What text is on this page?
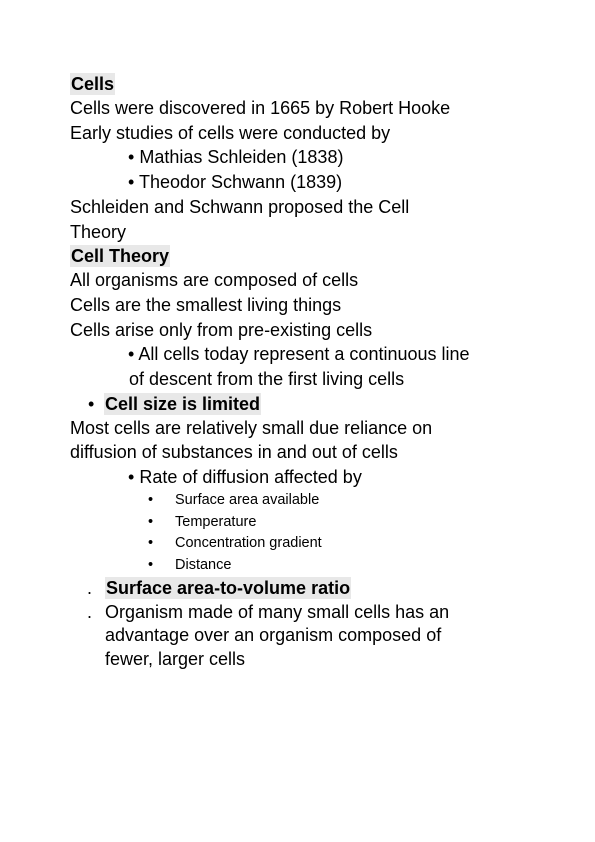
Cells
Cells were discovered in 1665 by Robert Hooke
Early studies of cells were conducted by
• Mathias Schleiden (1838)
• Theodor Schwann (1839)
Schleiden and Schwann proposed the Cell
Theory
Cell Theory
All organisms are composed of cells
Cells are the smallest living things
Cells arise only from pre-existing cells
• All cells today represent a continuous line
of descent from the first living cells
• Cell size is limited
Most cells are relatively small due reliance on
diffusion of substances in and out of cells
• Rate of diffusion affected by
• Surface area available
• Temperature
• Concentration gradient
• Distance
. Surface area-to-volume ratio
. Organism made of many small cells has an
advantage over an organism composed of
fewer, larger cells
